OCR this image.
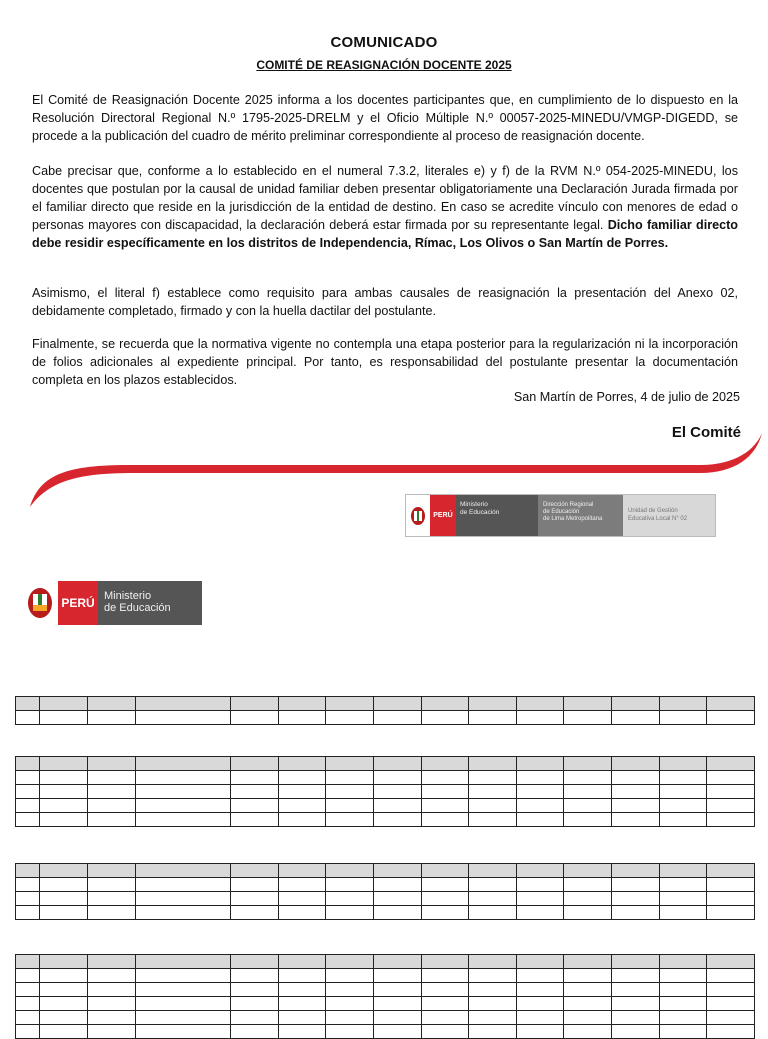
COMUNICADO
COMITÉ DE REASIGNACIÓN DOCENTE 2025
El Comité de Reasignación Docente 2025 informa a los docentes participantes que, en cumplimiento de lo dispuesto en la Resolución Directoral Regional N.º 1795-2025-DRELM y el Oficio Múltiple N.º 00057-2025-MINEDU/VMGP-DIGEDD, se procede a la publicación del cuadro de mérito preliminar correspondiente al proceso de reasignación docente.
Cabe precisar que, conforme a lo establecido en el numeral 7.3.2, literales e) y f) de la RVM N.º 054-2025-MINEDU, los docentes que postulan por la causal de unidad familiar deben presentar obligatoriamente una Declaración Jurada firmada por el familiar directo que reside en la jurisdicción de la entidad de destino. En caso se acredite vínculo con menores de edad o personas mayores con discapacidad, la declaración deberá estar firmada por su representante legal. Dicho familiar directo debe residir específicamente en los distritos de Independencia, Rímac, Los Olivos o San Martín de Porres.
Asimismo, el literal f) establece como requisito para ambas causales de reasignación la presentación del Anexo 02, debidamente completado, firmado y con la huella dactilar del postulante.
Finalmente, se recuerda que la normativa vigente no contempla una etapa posterior para la regularización ni la incorporación de folios adicionales al expediente principal. Por tanto, es responsabilidad del postulante presentar la documentación completa en los plazos establecidos.
San Martín de Porres, 4 de julio de 2025
El Comité
PERÚ
Ministerio
de Educación
Dirección Regional
de Educación
de Lima Metropolitana
Unidad de Gestión
Educativa Local N° 02
PERÚ Ministerio
de Educación
